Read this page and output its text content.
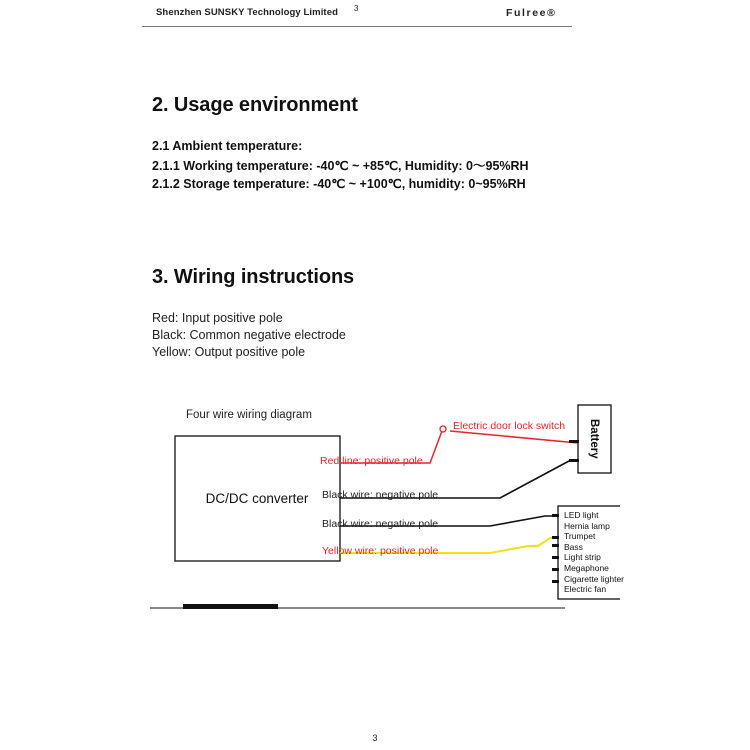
Shenzhen SUNSKY Technology Limited 3	Fulree®
2. Usage environment
2.1 Ambient temperature:
2.1.1 Working temperature: -40℃ ~ +85℃, Humidity: 0～95%RH
2.1.2 Storage temperature: -40℃ ~ +100℃, humidity: 0~95%RH
3. Wiring instructions
Red: Input positive pole
Black: Common negative electrode
Yellow: Output positive pole
Four wire wiring diagram
DC/DC converter
Battery
Electric door lock switch
Red line: positive pole
Black wire: negative pole
Black wire: negative pole
Yellow wire: positive pole
LED light
Hernia lamp
Trumpet
Bass
Light strip
Megaphone
Cigarette lighter
Electric fan
3
